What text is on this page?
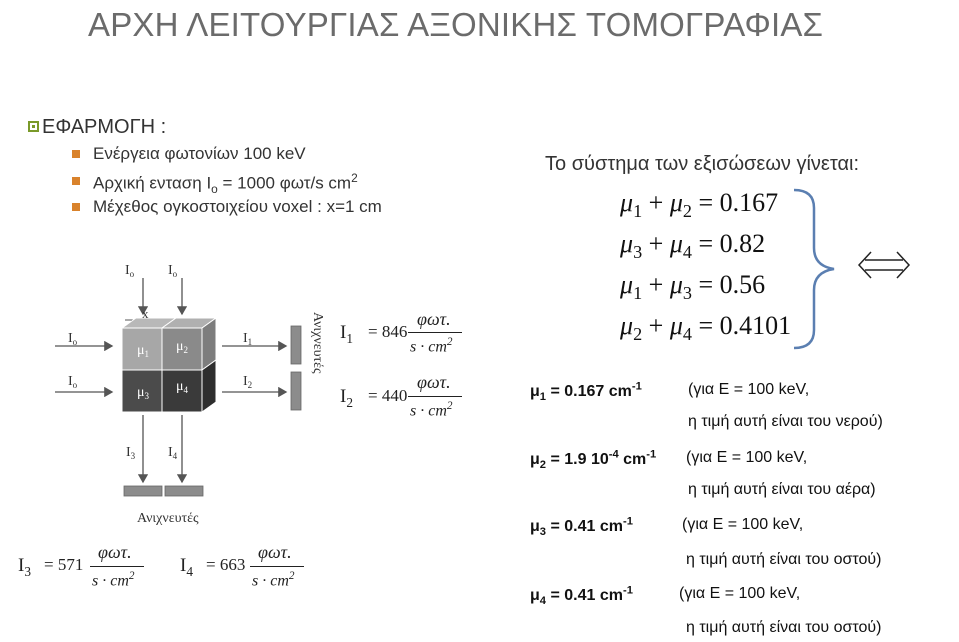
ΑΡΧΗ ΛΕΙΤΟΥΡΓΙΑΣ ΑΞΟΝΙΚΗΣ ΤΟΜΟΓΡΑΦΙΑΣ
ΕΦΑΡΜΟΓΗ :
Ενέργεια φωτονίων 100 keV
Αρχική ενταση $I_o = 1000$ φωτ/s $cm^2$
Μέχεθος ογκοστοιχείου voxel : x=1 cm
$I_o$ $I_o$
$I_o$
$I_o$
$I_1$
$I_2$
$I_3$ $I_4$
x
$\mu_1$ $\mu_2$
$\mu_3$
$\mu_4$
Ανιχνευτές
Ανιχνευτές
$I_1 = 846$
φωτ.
$s \cdot cm^2$
$I_2 = 440$
φωτ.
$s \cdot cm^2$
$I_3 = 571$
φωτ.
$s \cdot cm^2$ $I_4 = 663$
φωτ.
$s \cdot cm^2$
Το σύστημα των εξισώσεων γίνεται:
$\mu_1 + \mu_2 = 0.167$
$\mu_3 + \mu_4 = 0.82$
$\mu_1 + \mu_3 = 0.56$
$\mu_2 + \mu_4 = 0.4101$
$\mu_1 = 0.167$ $cm^{-1}$	(για E = 100 keV,
η τιμή αυτή είναι του νερού)
$\mu_2 = 1.9$ $10^{-4}$ $cm^{-1}$ (για E = 100 keV,
η τιμή αυτή είναι του αέρα)
$\mu_3 = 0.41$ $cm^{-1}$	(για E = 100 keV,
η τιμή αυτή είναι του οστού)
$\mu_4 = 0.41$ $cm^{-1}$	(για E = 100 keV,
η τιμή αυτή είναι του οστού)
